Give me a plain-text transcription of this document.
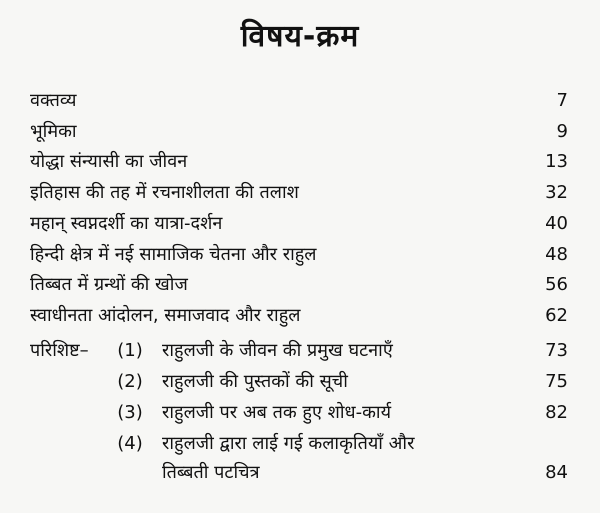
विषय-क्रम
वक्तव्य	7
भूमिका	9
योद्धा संन्यासी का जीवन	13
इतिहास की तह में रचनाशीलता की तलाश	32
महान् स्वप्नदर्शी का यात्रा-दर्शन	40
हिन्दी क्षेत्र में नई सामाजिक चेतना और राहुल	48
तिब्बत में ग्रन्थों की खोज	56
स्वाधीनता आंदोलन, समाजवाद और राहुल	62
परिशिष्ट– (1) राहुलजी के जीवन की प्रमुख घटनाएँ	73
(2) राहुलजी की पुस्तकों की सूची	75
(3) राहुलजी पर अब तक हुए शोध-कार्य	82
(4) राहुलजी द्वारा लाई गई कलाकृतियाँ और
तिब्बती पटचित्र	84
